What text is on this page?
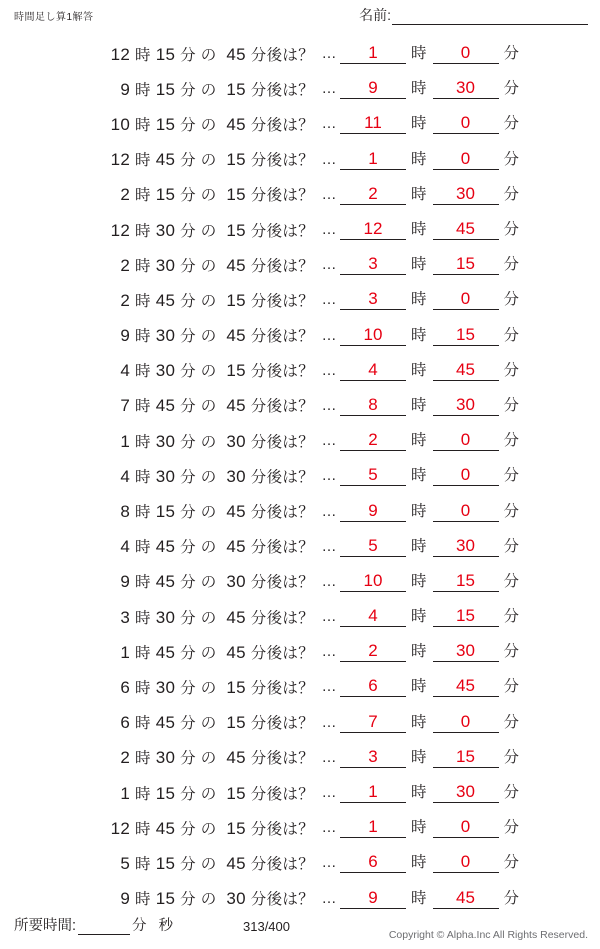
時間足し算1解答	名前:
12 時 15 分 の 45 分後は？ …	1	時	0	分
9 時 15 分 の 15 分後は？ …	9	時	30	分
10 時 15 分 の 45 分後は？ …	11	時	0	分
12 時 45 分 の 15 分後は？ …	1	時	0	分
2 時 15 分 の 15 分後は？ …	2	時	30	分
12 時 30 分 の 15 分後は？ …	12	時	45	分
2 時 30 分 の 45 分後は？ …	3	時	15	分
2 時 45 分 の 15 分後は？ …	3	時	0	分
9 時 30 分 の 45 分後は？ …	10	時	15	分
4 時 30 分 の 15 分後は？ …	4	時	45	分
7 時 45 分 の 45 分後は？ …	8	時	30	分
1 時 30 分 の 30 分後は？ …	2	時	0	分
4 時 30 分 の 30 分後は？ …	5	時	0	分
8 時 15 分 の 45 分後は？ …	9	時	0	分
4 時 45 分 の 45 分後は？ …	5	時	30	分
9 時 45 分 の 30 分後は？ …	10	時	15	分
3 時 30 分 の 45 分後は？ …	4	時	15	分
1 時 45 分 の 45 分後は？ …	2	時	30	分
6 時 30 分 の 15 分後は？ …	6	時	45	分
6 時 45 分 の 15 分後は？ …	7	時	0	分
2 時 30 分 の 45 分後は？ …	3	時	15	分
1 時 15 分 の 15 分後は？ …	1	時	30	分
12 時 45 分 の 15 分後は？ …	1	時	0	分
5 時 15 分 の 45 分後は？ …	6	時	0	分
9 時 15 分 の 30 分後は？ …	9	時	45	分
所要時間:	分 秒	313/400
Copyright © Alpha.Inc All Rights Reserved.
